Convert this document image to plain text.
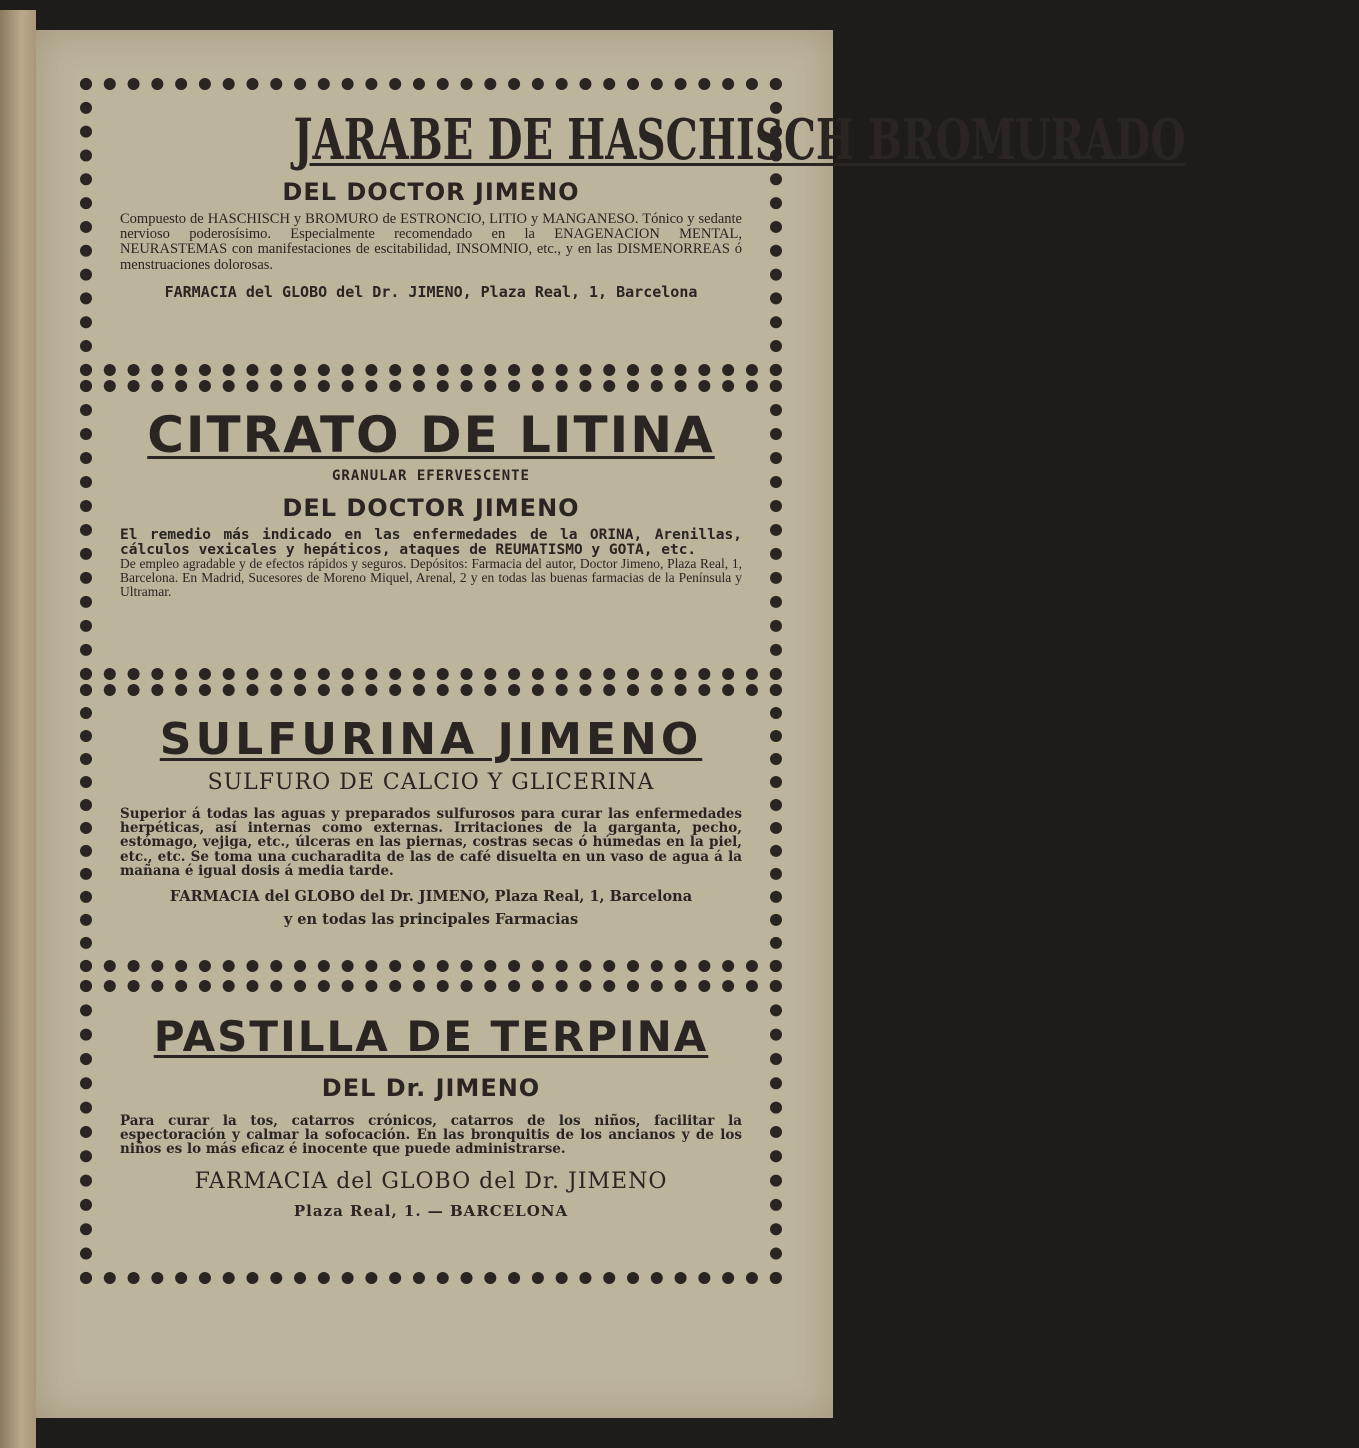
JARABE DE HASCHISCH BROMURADO
DEL DOCTOR JIMENO

Compuesto de HASCHISCH y BROMURO de ESTRONCIO, LITIO y MANGANESO. Tónico y sedante nervioso poderosísimo. Especialmente recomendado en la ENAGENACION MENTAL, NEURASTEMAS con manifestaciones de escitabilidad, INSOMNIO, etc., y en las DISMENORREAS ó menstruaciones dolorosas.

FARMACIA del GLOBO del Dr. JIMENO, Plaza Real, 1, Barcelona
CITRATO DE LITINA
GRANULAR EFERVESCENTE
DEL DOCTOR JIMENO

El remedio más indicado en las enfermedades de la ORINA, Arenillas, cálculos vexicales y hepáticos, ataques de REUMATISMO y GOTA, etc.

De empleo agradable y de efectos rápidos y seguros. Depósitos: Farmacia del autor, Doctor Jimeno, Plaza Real, 1, Barcelona. En Madrid, Sucesores de Moreno Miquel, Arenal, 2 y en todas las buenas farmacias de la Península y Ultramar.

SULFURINA JIMENO
SULFURO DE CALCIO Y GLICERINA

Superior á todas las aguas y preparados sulfurosos para curar las enfermedades herpéticas, así internas como externas. Irritaciones de la garganta, pecho, estómago, vejiga, etc., úlceras en las piernas, costras secas ó húmedas en la piel, etc., etc. Se toma una cucharadita de las de café disuelta en un vaso de agua á la mañana é igual dosis á media tarde.

FARMACIA del GLOBO del Dr. JIMENO, Plaza Real, 1, Barcelona
y en todas las principales Farmacias
PASTILLA DE TERPINA
DEL Dr. JIMENO

Para curar la tos, catarros crónicos, catarros de los niños, facilitar la espectoración y calmar la sofocación. En las bronquitis de los ancianos y de los niños es lo más eficaz é inocente que puede administrarse.

FARMACIA del GLOBO del Dr. JIMENO
Plaza Real, 1. — BARCELONA
